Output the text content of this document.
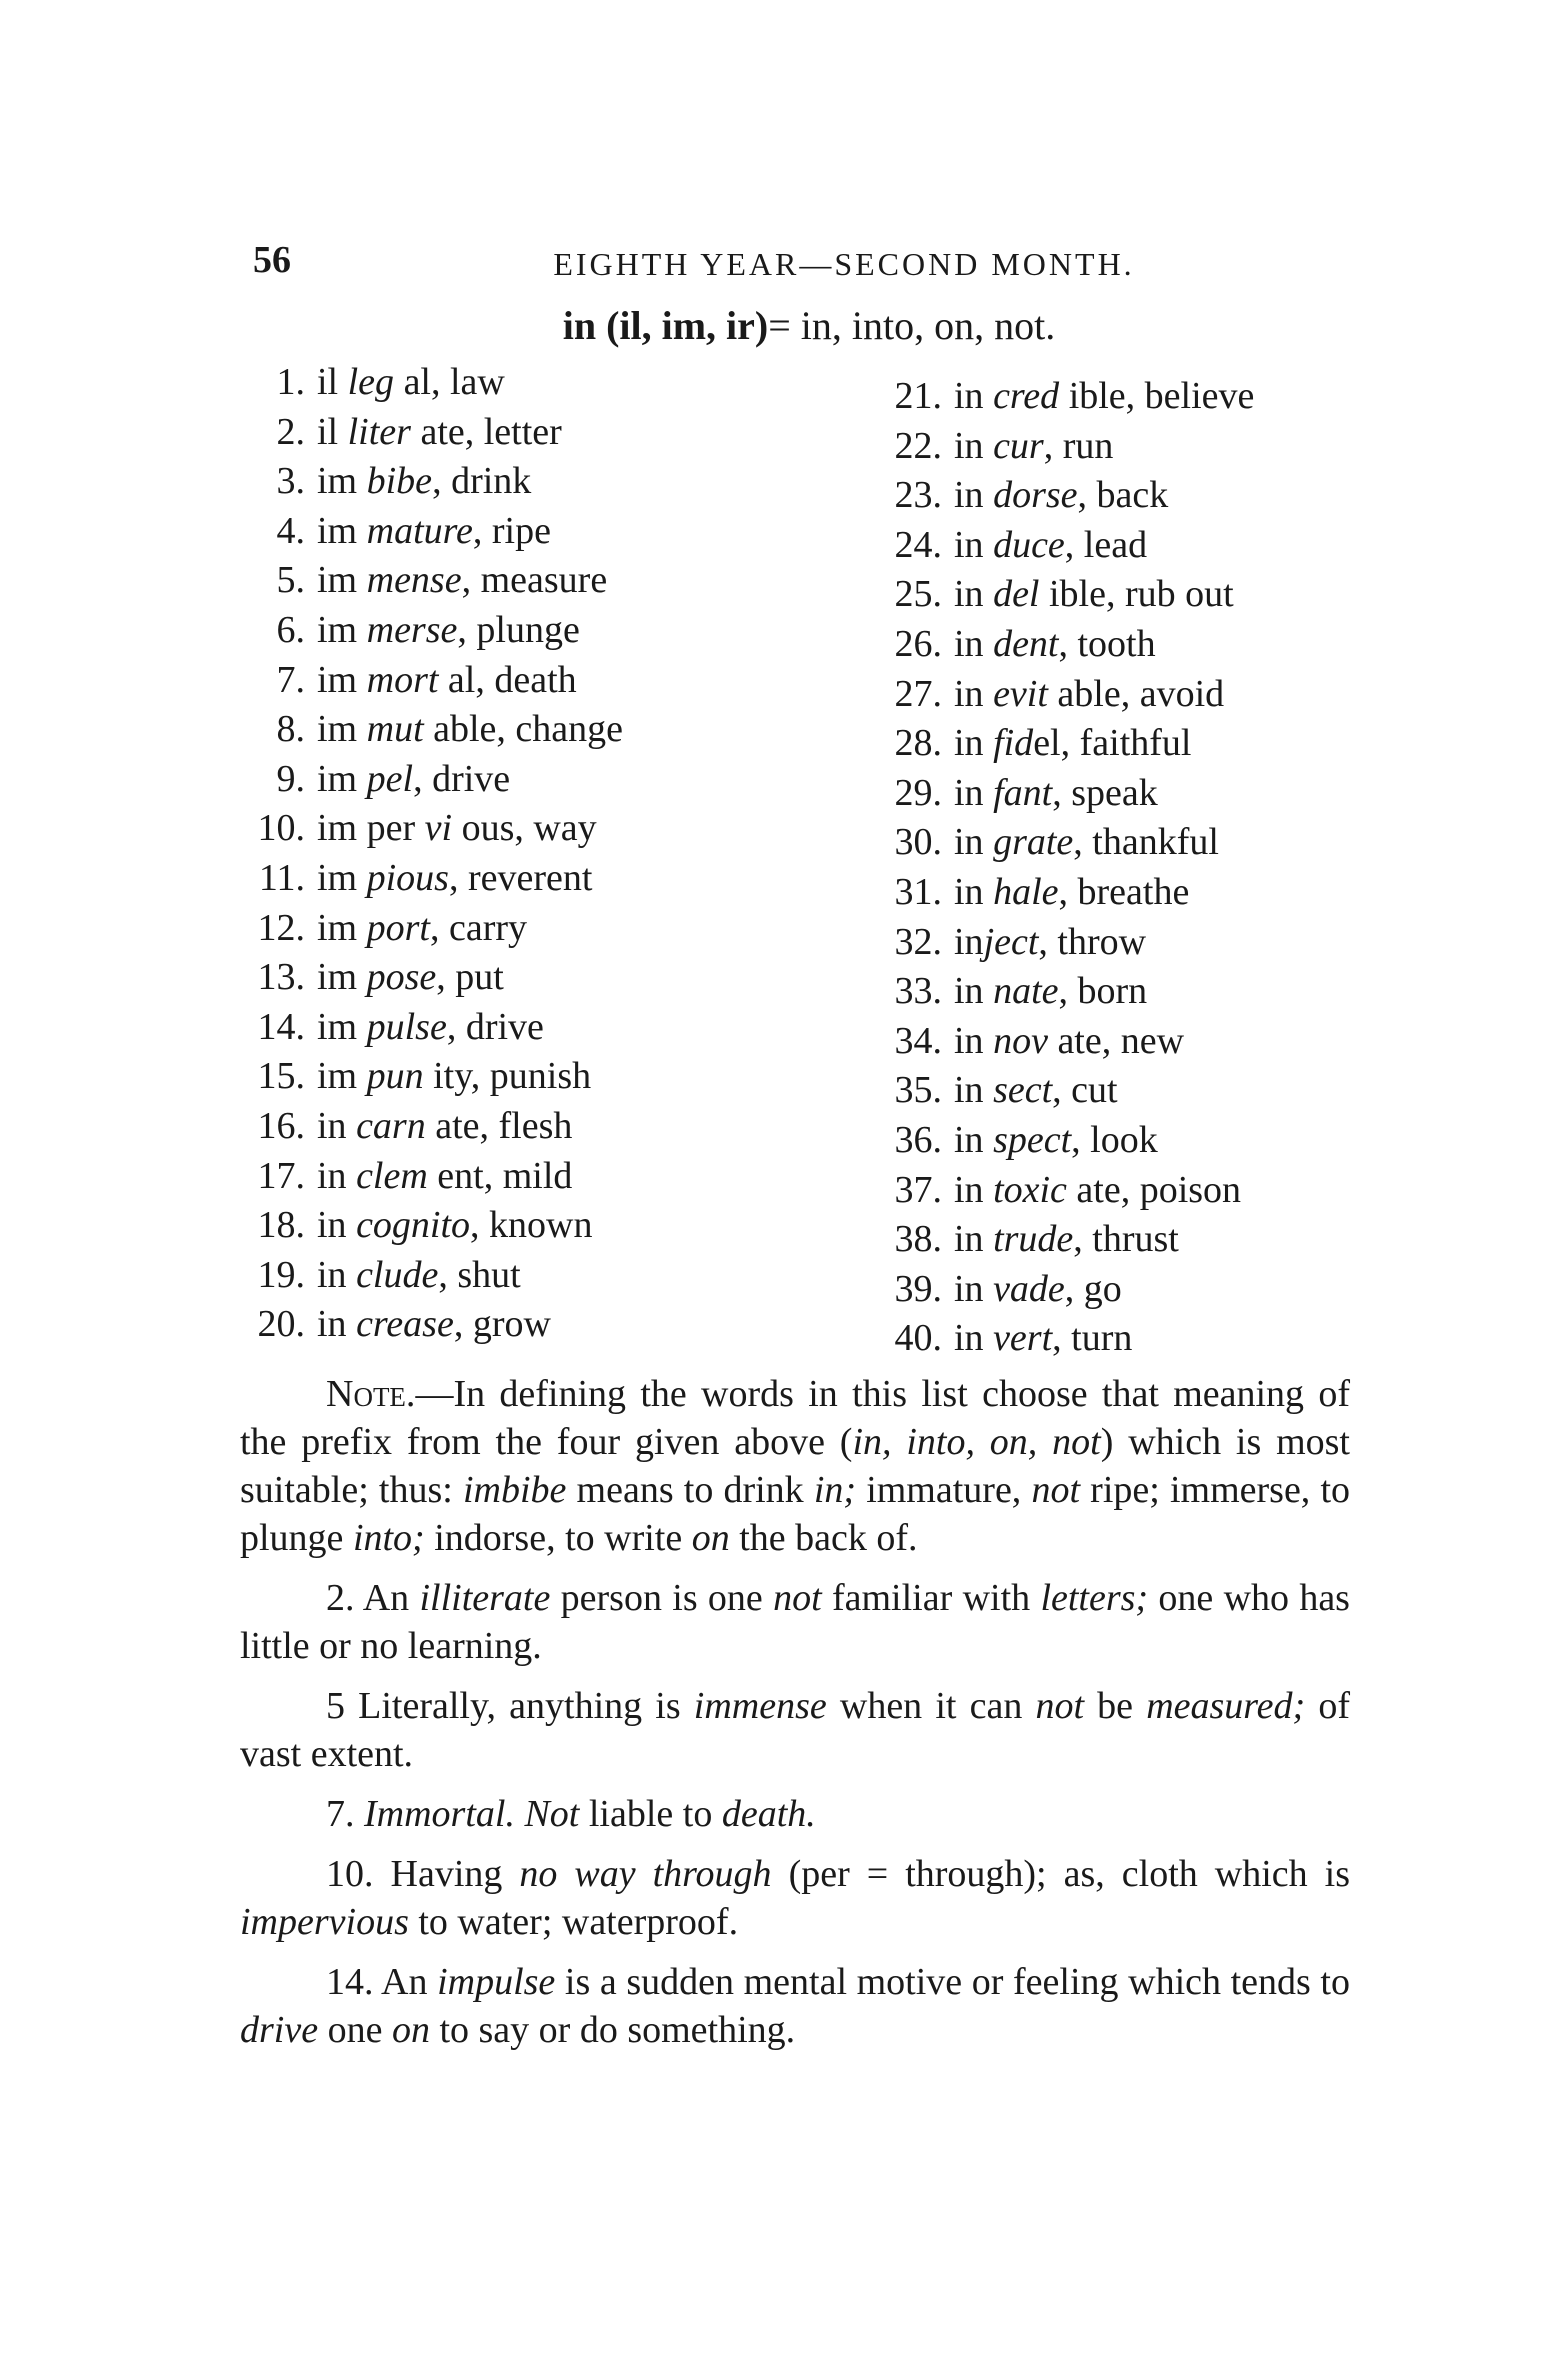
56	EIGHTH YEAR—SECOND MONTH.
in (il, im, ir)= in, into, on, not.
1. il leg al, law
2. il liter ate, letter
3. im bibe, drink
4. im mature, ripe
5. im mense, measure
6. im merse, plunge
7. im mort al, death
8. im mut able, change
9. im pel, drive
10. im per vi ous, way
11. im pious, reverent
12. im port, carry
13. im pose, put
14. im pulse, drive
15. im pun ity, punish
16. in carn ate, flesh
17. in clem ent, mild
18. in cognito, known
19. in clude, shut
20. in crease, grow
21. in cred ible, believe
22. in cur, run
23. in dorse, back
24. in duce, lead
25. in del ible, rub out
26. in dent, tooth
27. in evit able, avoid
28. in fidel, faithful
29. in fant, speak
30. in grate, thankful
31. in hale, breathe
32. inject, throw
33. in nate, born
34. in nov ate, new
35. in sect, cut
36. in spect, look
37. in toxic ate, poison
38. in trude, thrust
39. in vade, go
40. in vert, turn

Note.—In defining the words in this list choose that meaning of the prefix from the four given above (in, into, on, not) which is most suitable; thus: imbibe means to drink in; immature, not ripe; immerse, to plunge into; indorse, to write on the back of.

2. An illiterate person is one not familiar with letters; one who has little or no learning.

5 Literally, anything is immense when it can not be measured; of vast extent.

7. Immortal. Not liable to death.

10. Having no way through (per = through); as, cloth which is impervious to water; waterproof.

14. An impulse is a sudden mental motive or feeling which tends to drive one on to say or do something.
